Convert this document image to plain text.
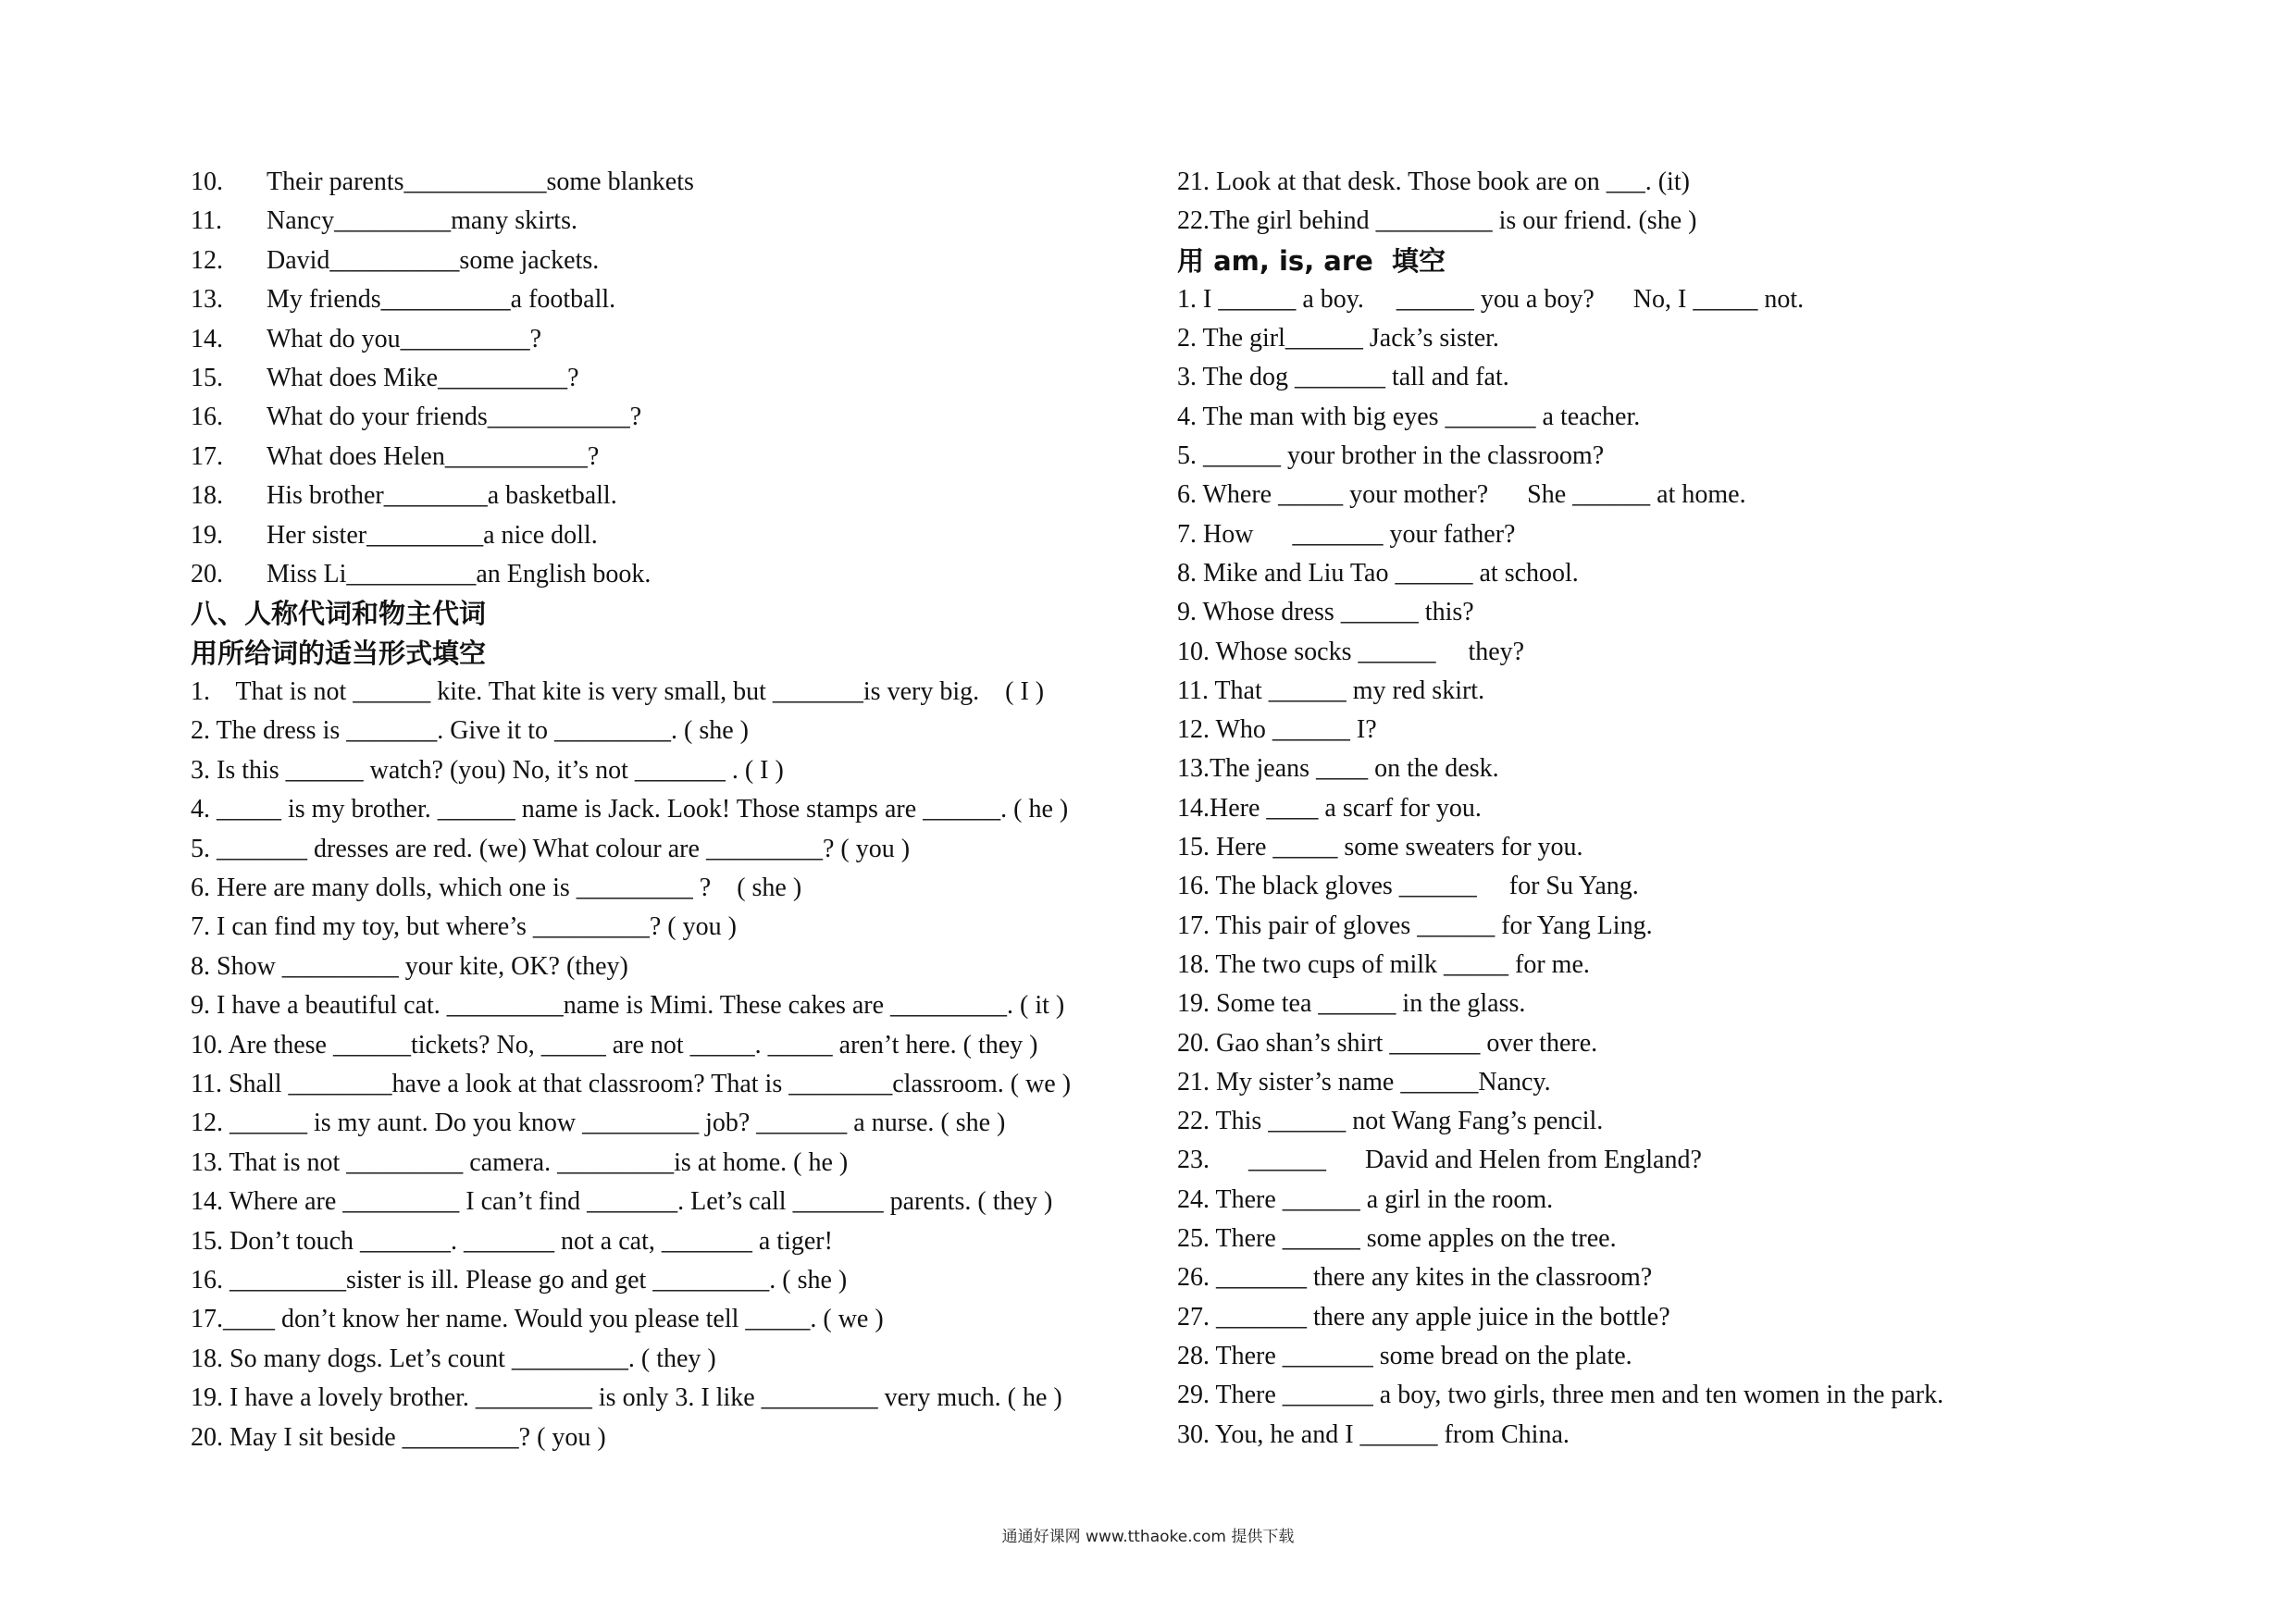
10. Their parents___________some blankets
11. Nancy_________many skirts.
12. David__________some jackets.
13. My friends__________a football.
14. What do you__________?
15. What does Mike__________?
16. What do your friends___________?
17. What does Helen___________?
18. His brother________a basketball.
19. Her sister_________a nice doll.
20. Miss Li__________an English book.
八、人称代词和物主代词
用所给词的适当形式填空
1.    That is not ______ kite. That kite is very small, but _______is very big.    ( I )
2. The dress is _______. Give it to _________. ( she )
3. Is this ______ watch? (you) No, it’s not _______ . ( I )
4. _____ is my brother. ______ name is Jack. Look! Those stamps are ______. ( he )
5. _______ dresses are red. (we) What colour are _________? ( you )
6. Here are many dolls, which one is _________ ?    ( she )
7. I can find my toy, but where’s _________? ( you )
8. Show _________ your kite, OK? (they)
9. I have a beautiful cat. _________name is Mimi. These cakes are _________. ( it )
10. Are these ______tickets? No, _____ are not _____. _____ aren’t here. ( they )
11. Shall ________have a look at that classroom? That is ________classroom. ( we )
12. ______ is my aunt. Do you know _________ job? _______ a nurse. ( she )
13. That is not _________ camera. _________is at home. ( he )
14. Where are _________ I can’t find _______. Let’s call _______ parents. ( they )
15. Don’t touch _______. _______ not a cat, _______ a tiger!
16. _________sister is ill. Please go and get _________. ( she )
17.____ don’t know her name. Would you please tell _____. ( we )
18. So many dogs. Let’s count _________. ( they )
19. I have a lovely brother. _________ is only 3. I like _________ very much. ( he )
20. May I sit beside _________? ( you )
21. Look at that desk. Those book are on ___. (it)
22.The girl behind _________ is our friend. (she )
用 am, is, are  填空
1. I ______ a boy.     ______ you a boy?      No, I _____ not.
2. The girl______ Jack’s sister.
3. The dog _______ tall and fat.
4. The man with big eyes _______ a teacher.
5. ______ your brother in the classroom?
6. Where _____ your mother?      She ______ at home.
7. How      _______ your father?
8. Mike and Liu Tao ______ at school.
9. Whose dress ______ this?
10. Whose socks ______     they?
11. That ______ my red skirt.
12. Who ______ I?
13.The jeans ____ on the desk.
14.Here ____ a scarf for you.
15. Here _____ some sweaters for you.
16. The black gloves ______     for Su Yang.
17. This pair of gloves ______ for Yang Ling.
18. The two cups of milk _____ for me.
19. Some tea ______ in the glass.
20. Gao shan’s shirt _______ over there.
21. My sister’s name ______Nancy.
22. This ______ not Wang Fang’s pencil.
23.      ______      David and Helen from England?
24. There ______ a girl in the room.
25. There ______ some apples on the tree.
26. _______ there any kites in the classroom?
27. _______ there any apple juice in the bottle?
28. There _______ some bread on the plate.
29. There _______ a boy, two girls, three men and ten women in the park.
30. You, he and I ______ from China.
通通好课网 www.tthaoke.com 提供下载
